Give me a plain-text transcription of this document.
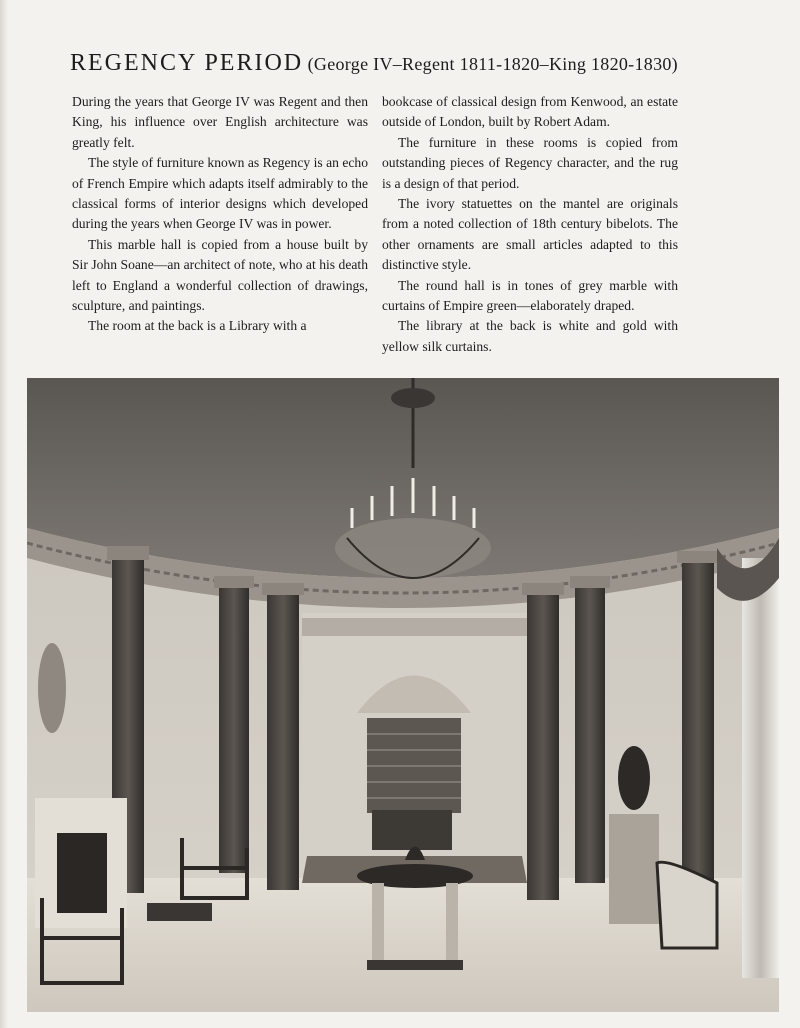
REGENCY PERIOD (George IV–Regent 1811-1820–King 1820-1830)

During the years that George IV was Regent and then King, his influence over English architecture was greatly felt.

The style of furniture known as Regency is an echo of French Empire which adapts itself admirably to the classical forms of interior designs which developed during the years when George IV was in power.

This marble hall is copied from a house built by Sir John Soane—an architect of note, who at his death left to England a wonderful collection of drawings, sculpture, and paintings.

The room at the back is a Library with a

bookcase of classical design from Kenwood, an estate outside of London, built by Robert Adam.

The furniture in these rooms is copied from outstanding pieces of Regency character, and the rug is a design of that period.

The ivory statuettes on the mantel are originals from a noted collection of 18th century bibelots. The other ornaments are small articles adapted to this distinctive style.

The round hall is in tones of grey marble with curtains of Empire green—elaborately draped.

The library at the back is white and gold with yellow silk curtains.
